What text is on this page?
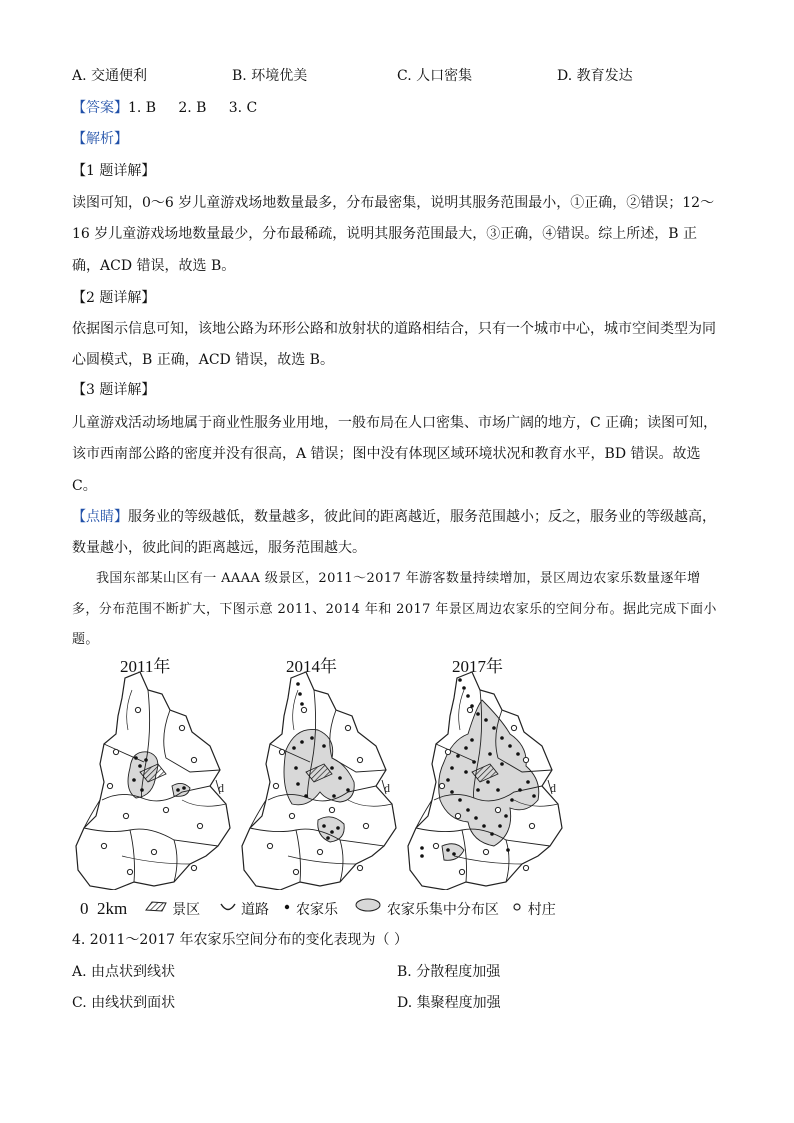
A. 交通便利	B. 环境优美	C. 人口密集	D. 教育发达
【答案】1. B     2. B     3. C
【解析】
【1 题详解】
读图可知，0～6 岁儿童游戏场地数量最多，分布最密集，说明其服务范围最小，①正确，②错误；12～
16 岁儿童游戏场地数量最少，分布最稀疏，说明其服务范围最大，③正确，④错误。综上所述，B 正
确，ACD 错误，故选 B。
【2 题详解】
依据图示信息可知，该地公路为环形公路和放射状的道路相结合，只有一个城市中心，城市空间类型为同
心圆模式，B 正确，ACD 错误，故选 B。
【3 题详解】
儿童游戏活动场地属于商业性服务业用地，一般布局在人口密集、市场广阔的地方，C 正确；读图可知，
该市西南部公路的密度并没有很高，A 错误；图中没有体现区域环境状况和教育水平，BD 错误。故选
C。
【点睛】服务业的等级越低，数量越多，彼此间的距离越近，服务范围越小；反之，服务业的等级越高，
数量越小，彼此间的距离越远，服务范围越大。
我国东部某山区有一 AAAA 级景区，2011～2017 年游客数量持续增加，景区周边农家乐数量逐年增
多，分布范围不断扩大，下图示意 2011、2014 年和 2017 年景区周边农家乐的空间分布。据此完成下面小
题。
2011年	2014年	2017年
0  2km	景区	道路 农家乐	农家乐集中分布区 村庄
4. 2011～2017 年农家乐空间分布的变化表现为（ ）
A. 由点状到线状	B. 分散程度加强
C. 由线状到面状	D. 集聚程度加强
